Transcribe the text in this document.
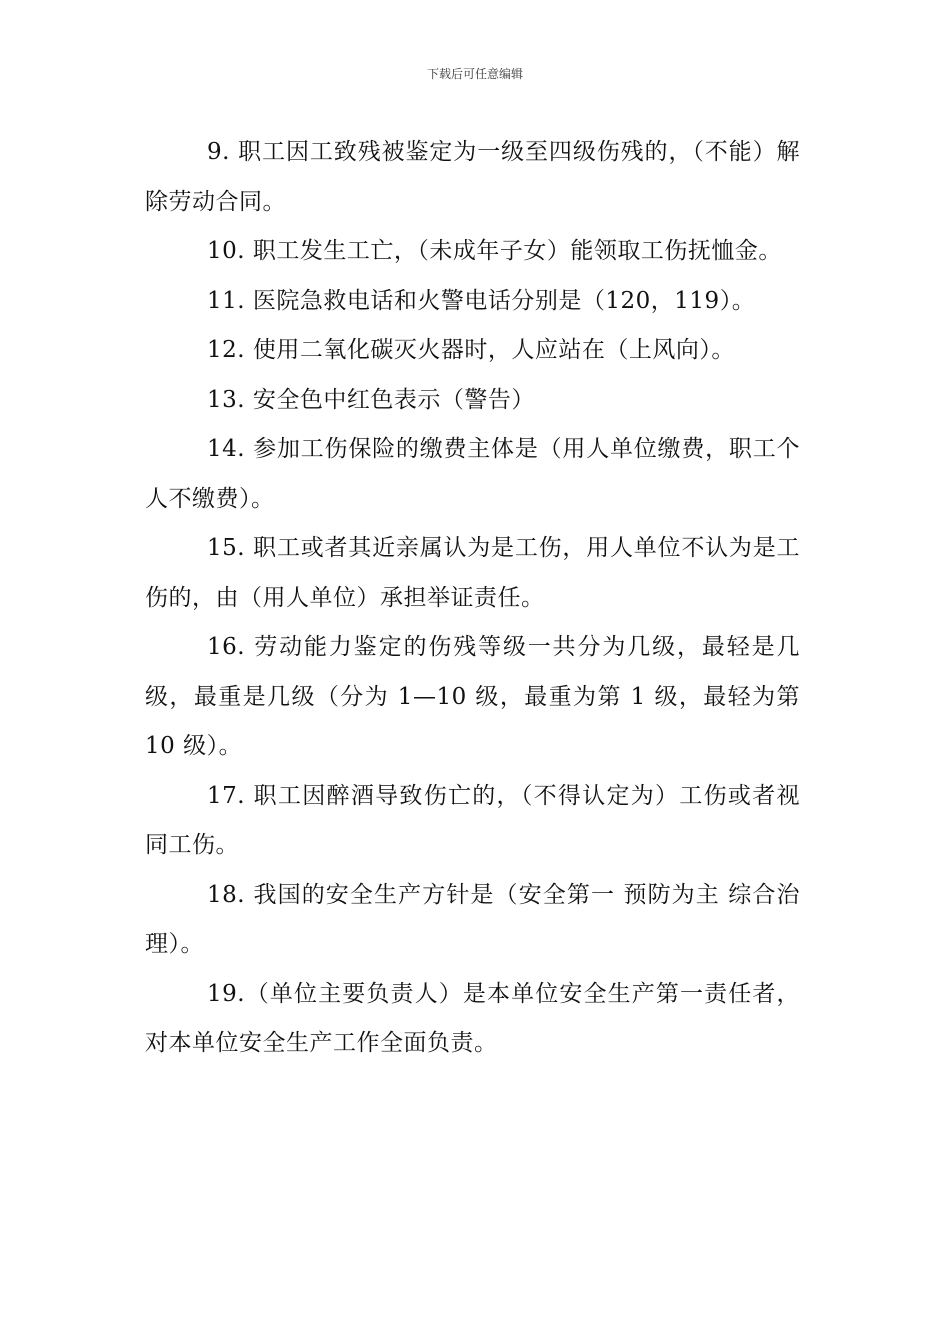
下载后可任意编辑

9. 职工因工致残被鉴定为一级至四级伤残的，（不能）解除劳动合同。

10. 职工发生工亡，（未成年子女）能领取工伤抚恤金。

11. 医院急救电话和火警电话分别是（120，119）。

12. 使用二氧化碳灭火器时，人应站在（上风向）。

13. 安全色中红色表示（警告）

14. 参加工伤保险的缴费主体是（用人单位缴费，职工个人不缴费）。

15. 职工或者其近亲属认为是工伤，用人单位不认为是工伤的，由（用人单位）承担举证责任。

16. 劳动能力鉴定的伤残等级一共分为几级，最轻是几级，最重是几级（分为 1—10 级，最重为第 1 级，最轻为第 10 级）。

17. 职工因醉酒导致伤亡的，（不得认定为）工伤或者视同工伤。

18. 我国的安全生产方针是（安全第一 预防为主 综合治理）。

19.（单位主要负责人）是本单位安全生产第一责任者，对本单位安全生产工作全面负责。
